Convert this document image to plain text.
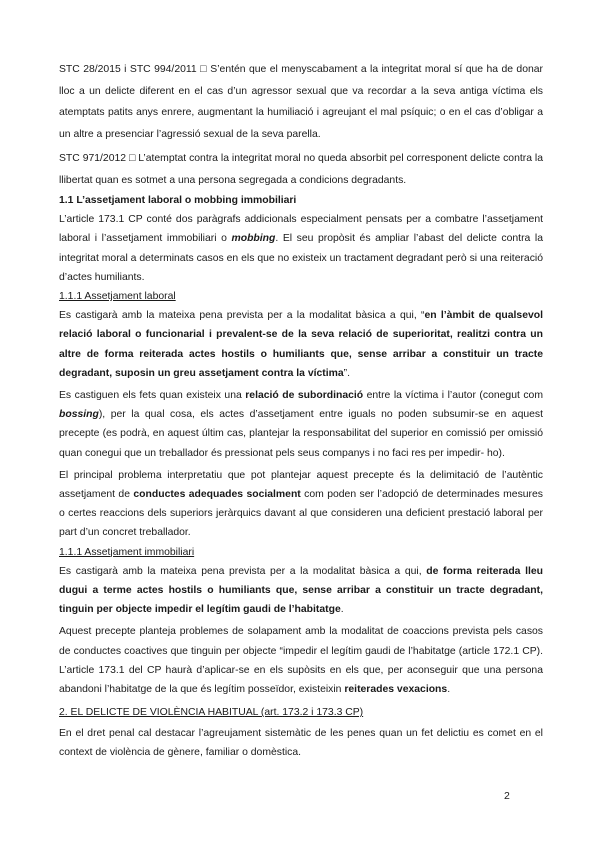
STC 28/2015 i STC 994/2011 □ S’entén que el menyscabament a la integritat moral sí que ha de donar lloc a un delicte diferent en el cas d’un agressor sexual que va recordar a la seva antiga víctima els atemptats patits anys enrere, augmentant la humiliació i agreujant el mal psíquic; o en el cas d’obligar a un altre a presenciar l’agressió sexual de la seva parella.

STC 971/2012 □ L’atemptat contra la integritat moral no queda absorbit pel corresponent delicte contra la llibertat quan es sotmet a una persona segregada a condicions degradants.

1.1 L’assetjament laboral o mobbing immobiliari

L’article 173.1 CP conté dos paràgrafs addicionals especialment pensats per a combatre l’assetjament laboral i l’assetjament immobiliari o mobbing. El seu propòsit és ampliar l’abast del delicte contra la integritat moral a determinats casos en els que no existeix un tractament degradant però si una reiteració d’actes humiliants.

1.1.1 Assetjament laboral

Es castigarà amb la mateixa pena prevista per a la modalitat bàsica a qui, “en l’àmbit de qualsevol relació laboral o funcionarial i prevalent-se de la seva relació de superioritat, realitzi contra un altre de forma reiterada actes hostils o humiliants que, sense arribar a constituir un tracte degradant, suposin un greu assetjament contra la víctima”.

Es castiguen els fets quan existeix una relació de subordinació entre la víctima i l’autor (conegut com bossing), per la qual cosa, els actes d’assetjament entre iguals no poden subsumir-se en aquest precepte (es podrà, en aquest últim cas, plantejar la responsabilitat del superior en comissió per omissió quan conegui que un treballador és pressionat pels seus companys i no faci res per impedir- ho).

El principal problema interpretatiu que pot plantejar aquest precepte és la delimitació de l’autèntic assetjament de conductes adequades socialment com poden ser l’adopció de determinades mesures o certes reaccions dels superiors jeràrquics davant al que consideren una deficient prestació laboral per part d’un concret treballador.

1.1.1 Assetjament immobiliari

Es castigarà amb la mateixa pena prevista per a la modalitat bàsica a qui, de forma reiterada lleu dugui a terme actes hostils o humiliants que, sense arribar a constituir un tracte degradant, tinguin per objecte impedir el legítim gaudi de l’habitatge.

Aquest precepte planteja problemes de solapament amb la modalitat de coaccions prevista pels casos de conductes coactives que tinguin per objecte “impedir el legítim gaudi de l’habitatge (article 172.1 CP). L’article 173.1 del CP haurà d’aplicar-se en els supòsits en els que, per aconseguir que una persona abandoni l’habitatge de la que és legítim posseïdor, existeixin reiterades vexacions.

2. EL DELICTE DE VIOLÈNCIA HABITUAL (art. 173.2 i 173.3 CP)

En el dret penal cal destacar l’agreujament sistemàtic de les penes quan un fet delictiu es comet en el context de violència de gènere, familiar o domèstica.

2
